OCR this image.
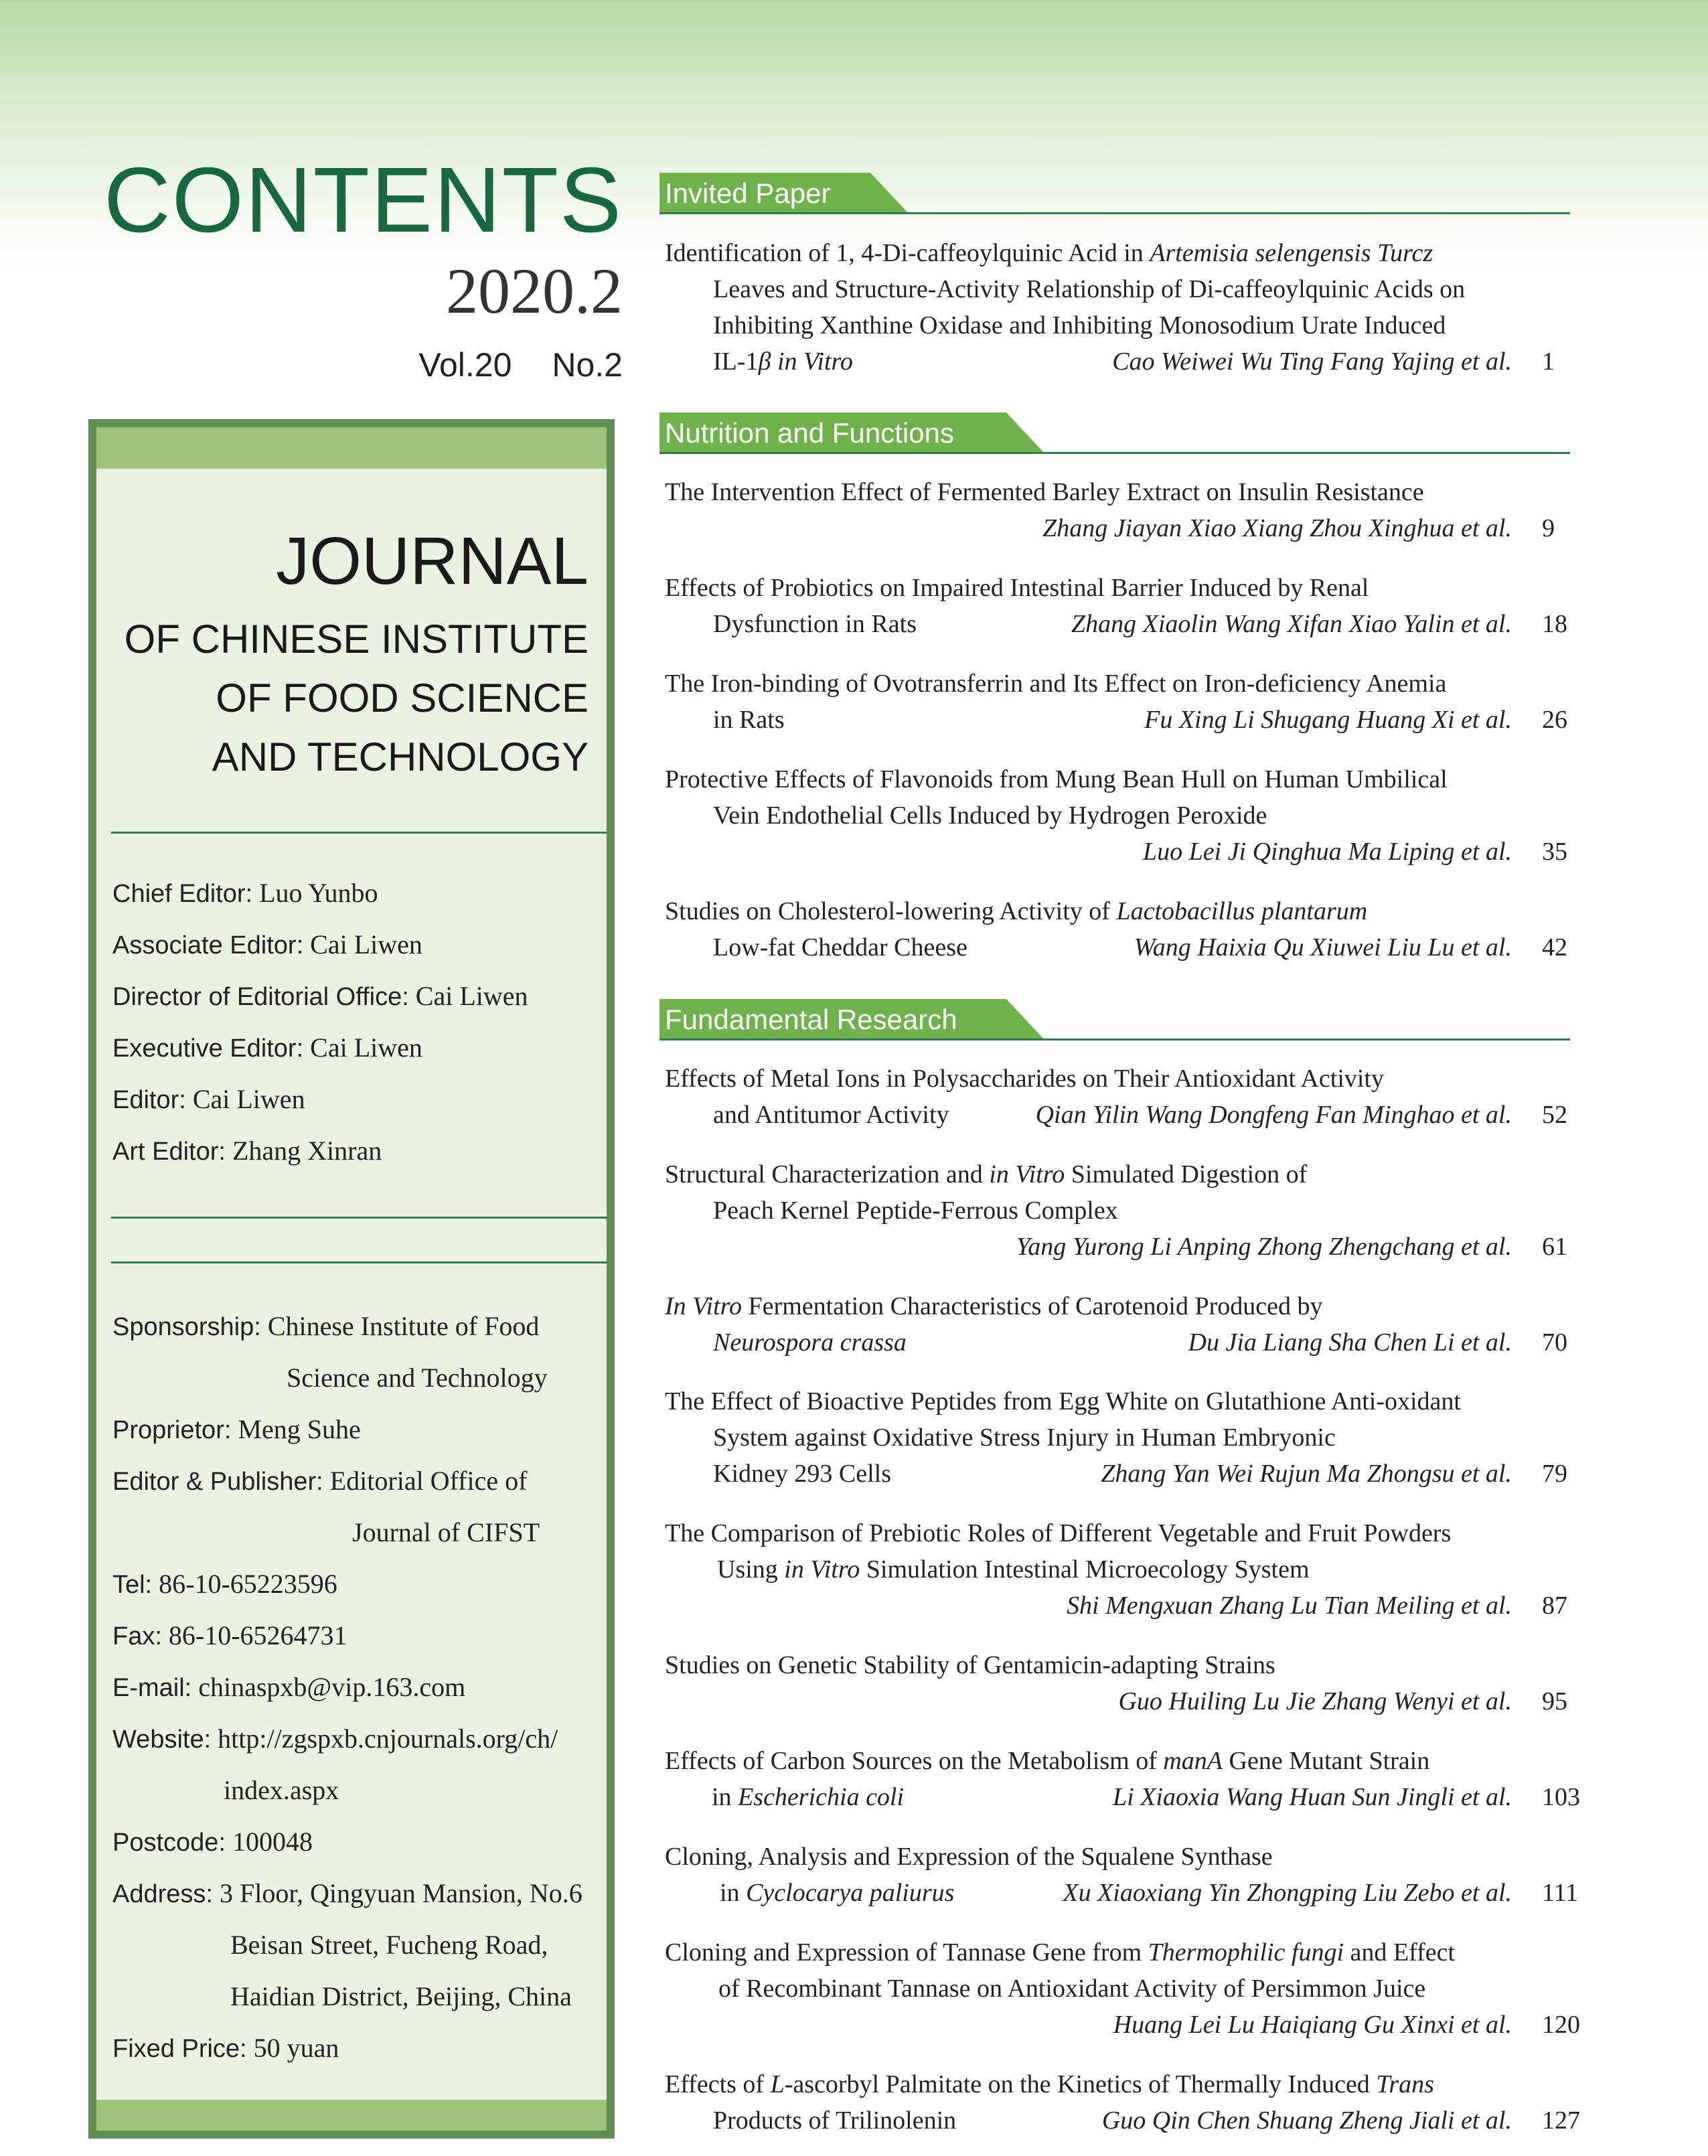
CONTENTS
2020.2
Vol.20 No.2
JOURNAL
OF CHINESE INSTITUTE
OF FOOD SCIENCE
AND TECHNOLOGY
Chief Editor: Luo Yunbo
Associate Editor: Cai Liwen
Director of Editorial Office: Cai Liwen
Executive Editor: Cai Liwen
Editor: Cai Liwen
Art Editor: Zhang Xinran
Sponsorship: Chinese Institute of Food
Science and Technology
Proprietor: Meng Suhe
Editor & Publisher: Editorial Office of
Journal of CIFST
Tel: 86-10-65223596
Fax: 86-10-65264731
E-mail: chinaspxb@vip.163.com
Website: http://zgspxb.cnjournals.org/ch/
index.aspx
Postcode: 100048
Address: 3 Floor, Qingyuan Mansion, No.6
Beisan Street, Fucheng Road,
Haidian District, Beijing, China
Fixed Price: 50 yuan
Invited Paper
Identification of 1, 4-Di-caffeoylquinic Acid in Artemisia selengensis Turcz
Leaves and Structure-Activity Relationship of Di-caffeoylquinic Acids on
Inhibiting Xanthine Oxidase and Inhibiting Monosodium Urate Induced
IL-1β in Vitro	Cao Weiwei Wu Ting Fang Yajing et al. 1
Nutrition and Functions
The Intervention Effect of Fermented Barley Extract on Insulin Resistance
Zhang Jiayan Xiao Xiang Zhou Xinghua et al. 9
Effects of Probiotics on Impaired Intestinal Barrier Induced by Renal
Dysfunction in Rats	Zhang Xiaolin Wang Xifan Xiao Yalin et al. 18
The Iron-binding of Ovotransferrin and Its Effect on Iron-deficiency Anemia
in Rats	Fu Xing Li Shugang Huang Xi et al. 26
Protective Effects of Flavonoids from Mung Bean Hull on Human Umbilical
Vein Endothelial Cells Induced by Hydrogen Peroxide
Luo Lei Ji Qinghua Ma Liping et al. 35
Studies on Cholesterol-lowering Activity of Lactobacillus plantarum
Low-fat Cheddar Cheese	Wang Haixia Qu Xiuwei Liu Lu et al. 42
Fundamental Research
Effects of Metal Ions in Polysaccharides on Their Antioxidant Activity
and Antitumor Activity	Qian Yilin Wang Dongfeng Fan Minghao et al. 52
Structural Characterization and in Vitro Simulated Digestion of
Peach Kernel Peptide-Ferrous Complex
Yang Yurong Li Anping Zhong Zhengchang et al. 61
In Vitro Fermentation Characteristics of Carotenoid Produced by
Neurospora crassa	Du Jia Liang Sha Chen Li et al. 70
The Effect of Bioactive Peptides from Egg White on Glutathione Anti-oxidant
System against Oxidative Stress Injury in Human Embryonic
Kidney 293 Cells	Zhang Yan Wei Rujun Ma Zhongsu et al. 79
The Comparison of Prebiotic Roles of Different Vegetable and Fruit Powders
Using in Vitro Simulation Intestinal Microecology System
Shi Mengxuan Zhang Lu Tian Meiling et al. 87
Studies on Genetic Stability of Gentamicin-adapting Strains
Guo Huiling Lu Jie Zhang Wenyi et al. 95
Effects of Carbon Sources on the Metabolism of manA Gene Mutant Strain
in Escherichia coli	Li Xiaoxia Wang Huan Sun Jingli et al. 103
Cloning, Analysis and Expression of the Squalene Synthase
in Cyclocarya paliurus	Xu Xiaoxiang Yin Zhongping Liu Zebo et al. 111
Cloning and Expression of Tannase Gene from Thermophilic fungi and Effect
of Recombinant Tannase on Antioxidant Activity of Persimmon Juice
Huang Lei Lu Haiqiang Gu Xinxi et al. 120
Effects of L-ascorbyl Palmitate on the Kinetics of Thermally Induced Trans
Products of Trilinolenin	Guo Qin Chen Shuang Zheng Jiali et al. 127
